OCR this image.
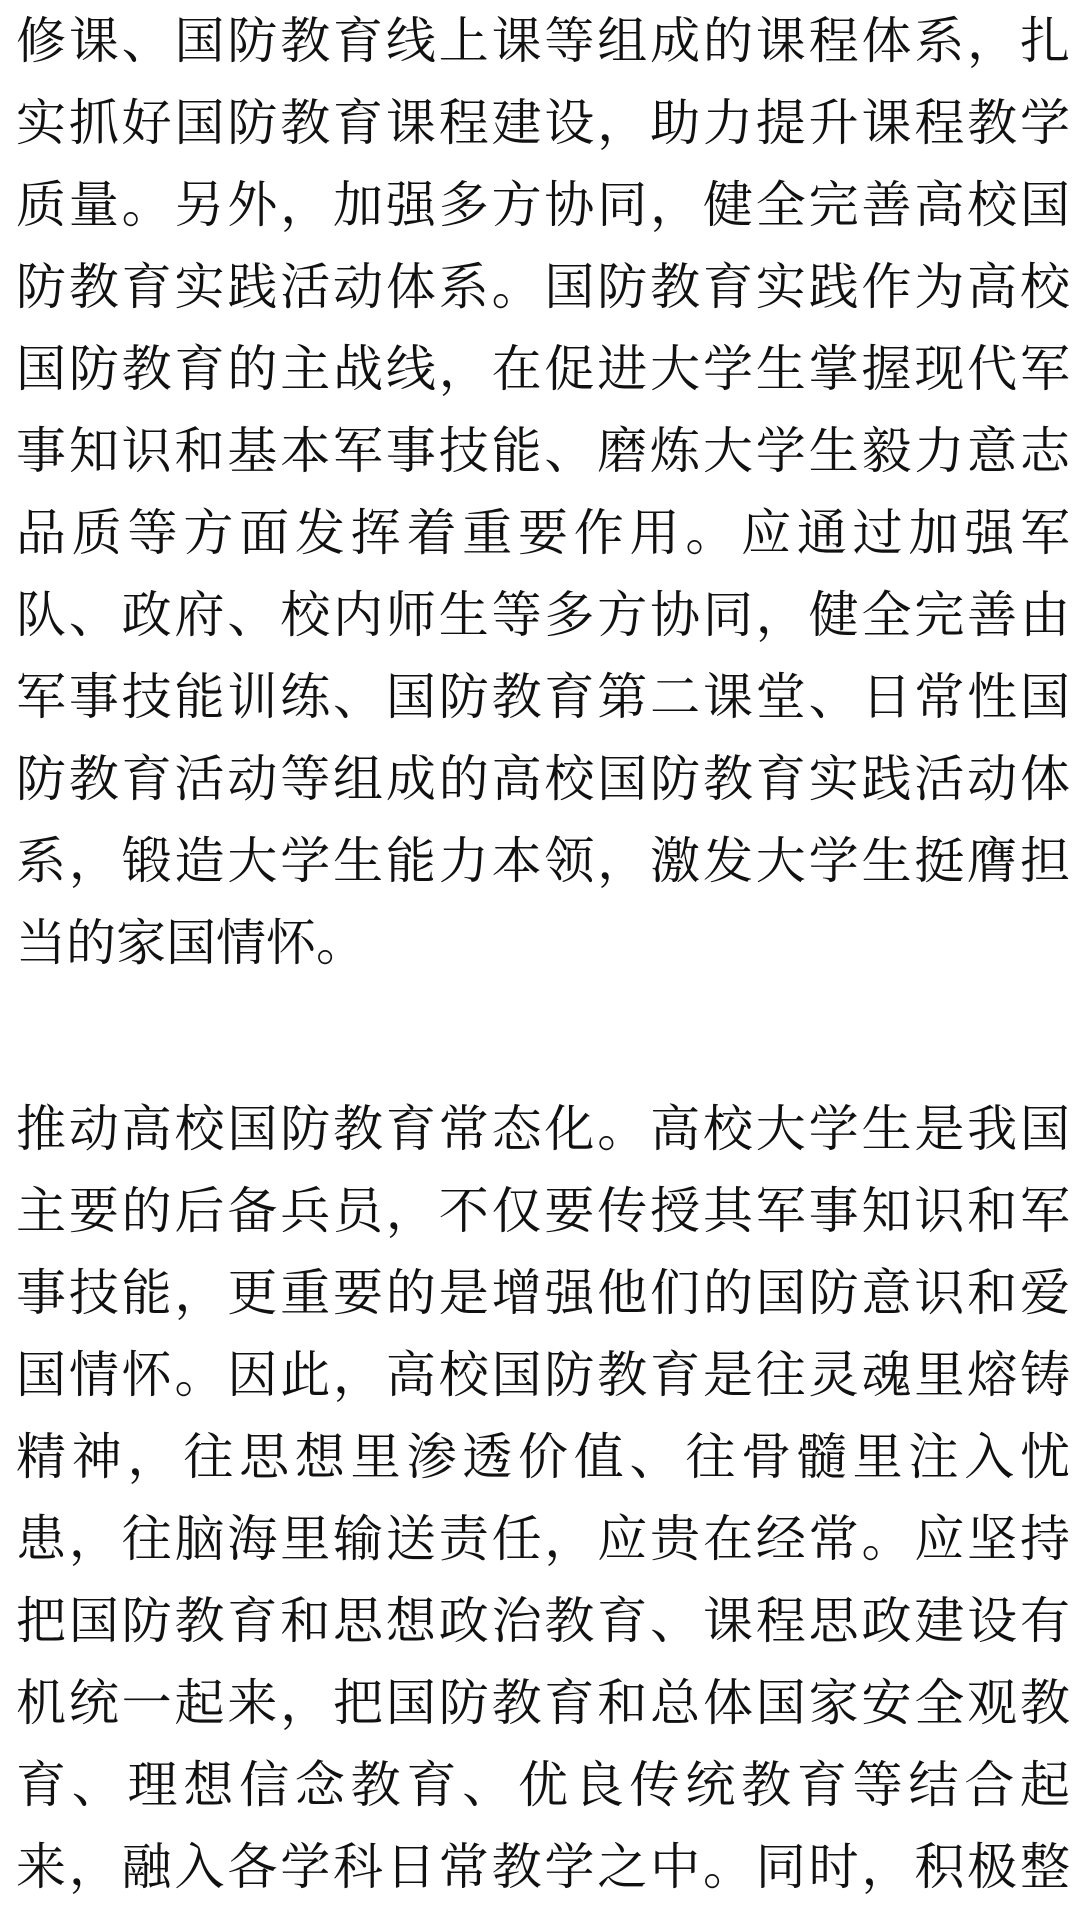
修课、国防教育线上课等组成的课程体系，扎
实抓好国防教育课程建设，助力提升课程教学
质量。另外，加强多方协同，健全完善高校国
防教育实践活动体系。国防教育实践作为高校
国防教育的主战线，在促进大学生掌握现代军
事知识和基本军事技能、磨炼大学生毅力意志
品质等方面发挥着重要作用。应通过加强军
队、政府、校内师生等多方协同，健全完善由
军事技能训练、国防教育第二课堂、日常性国
防教育活动等组成的高校国防教育实践活动体
系，锻造大学生能力本领，激发大学生挺膺担
当的家国情怀。
推动高校国防教育常态化。高校大学生是我国
主要的后备兵员，不仅要传授其军事知识和军
事技能，更重要的是增强他们的国防意识和爱
国情怀。因此，高校国防教育是往灵魂里熔铸
精神，往思想里渗透价值、往骨髓里注入忧
患，往脑海里输送责任，应贵在经常。应坚持
把国防教育和思想政治教育、课程思政建设有
机统一起来，把国防教育和总体国家安全观教
育、理想信念教育、优良传统教育等结合起
来，融入各学科日常教学之中。同时，积极整
